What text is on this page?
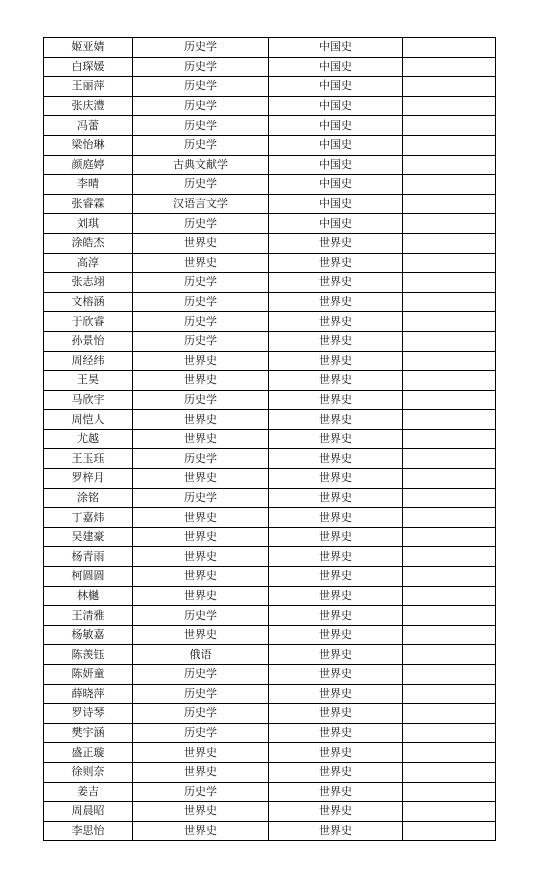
姬亚婧	历史学	中国史	
白琛媛	历史学	中国史	
王丽萍	历史学	中国史	
张庆澧	历史学	中国史	
冯蕾	历史学	中国史	
梁怡琳	历史学	中国史	
颜庭婷	古典文献学	中国史	
李晴	历史学	中国史	
张睿霖	汉语言文学	中国史	
刘琪	历史学	中国史	
涂皓杰	世界史	世界史	
高淳	世界史	世界史	
张志翊	历史学	世界史	
文榕涵	历史学	世界史	
于欣睿	历史学	世界史	
孙景怡	历史学	世界史	
周经纬	世界史	世界史	
王昊	世界史	世界史	
马欣宇	历史学	世界史	
周恺人	世界史	世界史	
尤越	世界史	世界史	
王玉珏	历史学	世界史	
罗梓月	世界史	世界史	
涂铭	历史学	世界史	
丁嘉炜	世界史	世界史	
吴建豪	世界史	世界史	
杨青雨	世界史	世界史	
柯圆圆	世界史	世界史	
林樾	世界史	世界史	
王清雅	历史学	世界史	
杨敏嘉	世界史	世界史	
陈羡钰	俄语	世界史	
陈妍童	历史学	世界史	
薛晓萍	历史学	世界史	
罗诗琴	历史学	世界史	
樊宇涵	历史学	世界史	
盛正璇	世界史	世界史	
徐则奈	世界史	世界史	
姜吉	历史学	世界史	
周晨昭	世界史	世界史	
李思怡	世界史	世界史	
